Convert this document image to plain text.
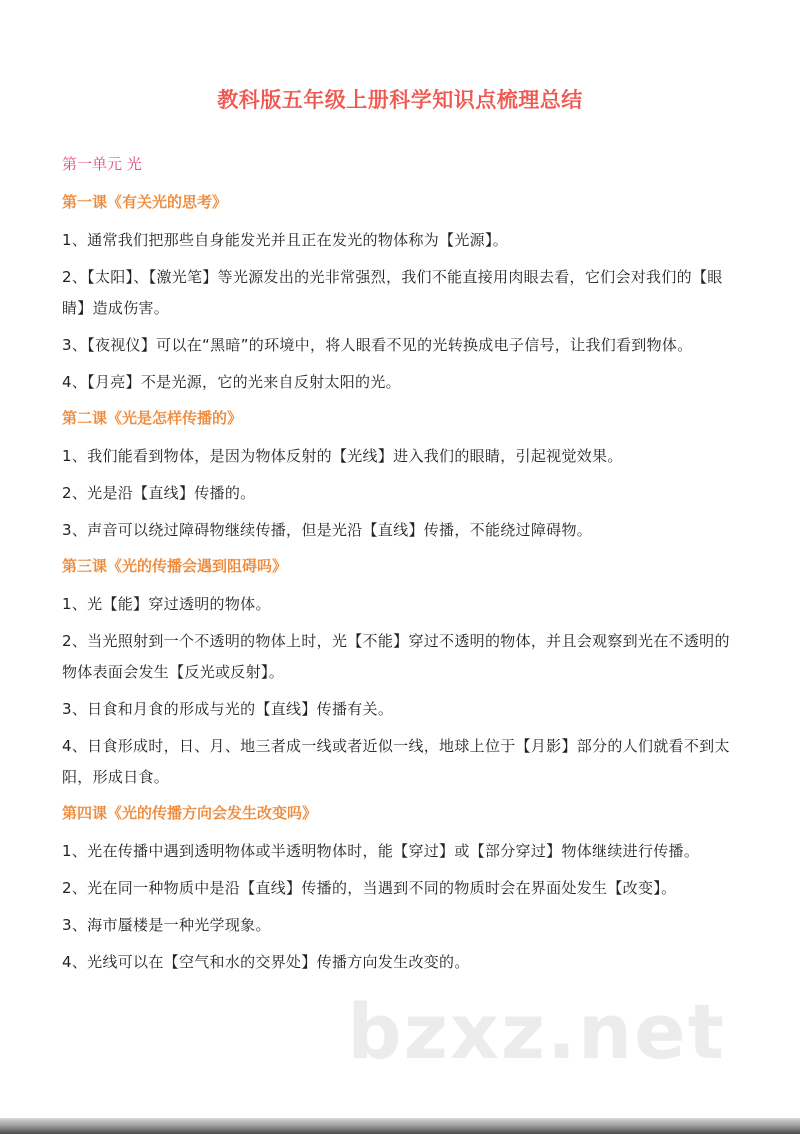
教科版五年级上册科学知识点梳理总结
第一单元 光
第一课《有关光的思考》
1、通常我们把那些自身能发光并且正在发光的物体称为【光源】。
2、【太阳】、【激光笔】等光源发出的光非常强烈，我们不能直接用肉眼去看，它们会对我们的【眼睛】造成伤害。
3、【夜视仪】可以在“黑暗”的环境中，将人眼看不见的光转换成电子信号，让我们看到物体。
4、【月亮】不是光源，它的光来自反射太阳的光。
第二课《光是怎样传播的》
1、我们能看到物体，是因为物体反射的【光线】进入我们的眼睛，引起视觉效果。
2、光是沿【直线】传播的。
3、声音可以绕过障碍物继续传播，但是光沿【直线】传播，不能绕过障碍物。
第三课《光的传播会遇到阻碍吗》
1、光【能】穿过透明的物体。
2、当光照射到一个不透明的物体上时，光【不能】穿过不透明的物体，并且会观察到光在不透明的物体表面会发生【反光或反射】。
3、日食和月食的形成与光的【直线】传播有关。
4、日食形成时，日、月、地三者成一线或者近似一线，地球上位于【月影】部分的人们就看不到太阳，形成日食。
第四课《光的传播方向会发生改变吗》
1、光在传播中遇到透明物体或半透明物体时，能【穿过】或【部分穿过】物体继续进行传播。
2、光在同一种物质中是沿【直线】传播的，当遇到不同的物质时会在界面处发生【改变】。
3、海市蜃楼是一种光学现象。
4、光线可以在【空气和水的交界处】传播方向发生改变的。
bzxz.net
